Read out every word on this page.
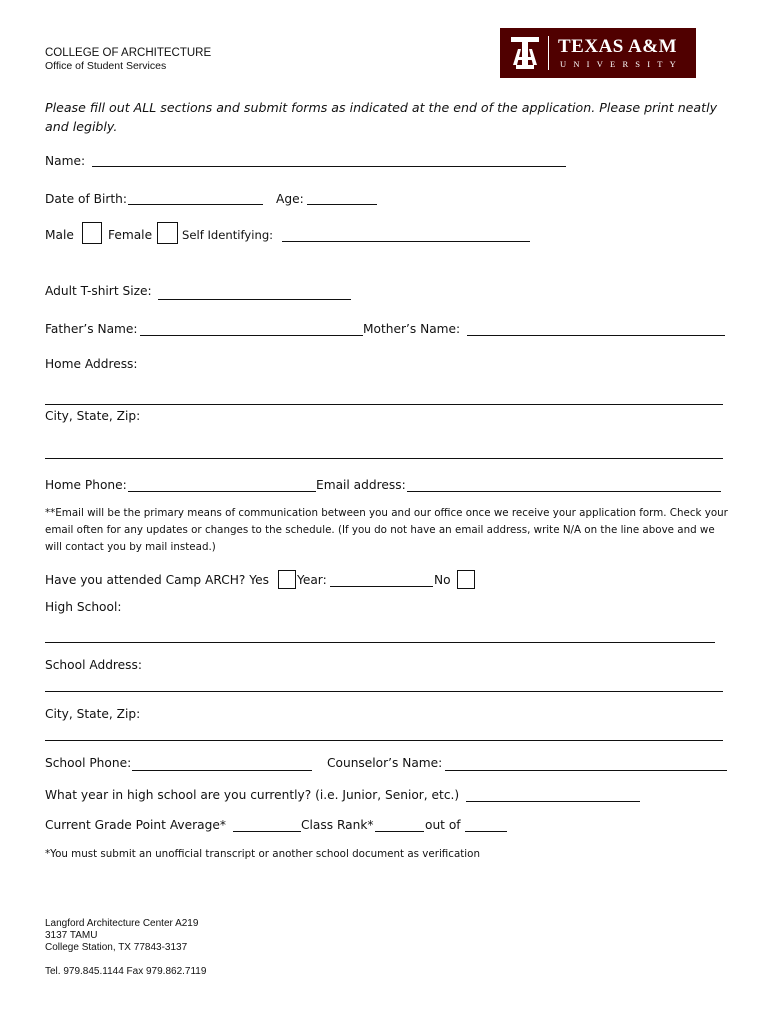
COLLEGE OF ARCHITECTURE
Office of Student Services
TEXAS A&M
UNIVERSITY
Please fill out ALL sections and submit forms as indicated at the end of the application. Please print neatly and legibly.
Name:
Date of Birth:	Age:
Male	Female	Self Identifying:
Adult T-shirt Size:
Father’s Name:	Mother’s Name:
Home Address:
City, State, Zip:
Home Phone:	Email address:
**Email will be the primary means of communication between you and our office once we receive your application form. Check your email often for any updates or changes to the schedule. (If you do not have an email address, write N/A on the line above and we will contact you by mail instead.)
Have you attended Camp ARCH? Yes Year:	No
High School:
School Address:
City, State, Zip:
School Phone:	Counselor’s Name:
What year in high school are you currently? (i.e. Junior, Senior, etc.)
Current Grade Point Average*	Class Rank*	out of
*You must submit an unofficial transcript or another school document as verification
Langford Architecture Center A219
3137 TAMU
College Station, TX 77843-3137
Tel. 979.845.1144 Fax 979.862.7119
